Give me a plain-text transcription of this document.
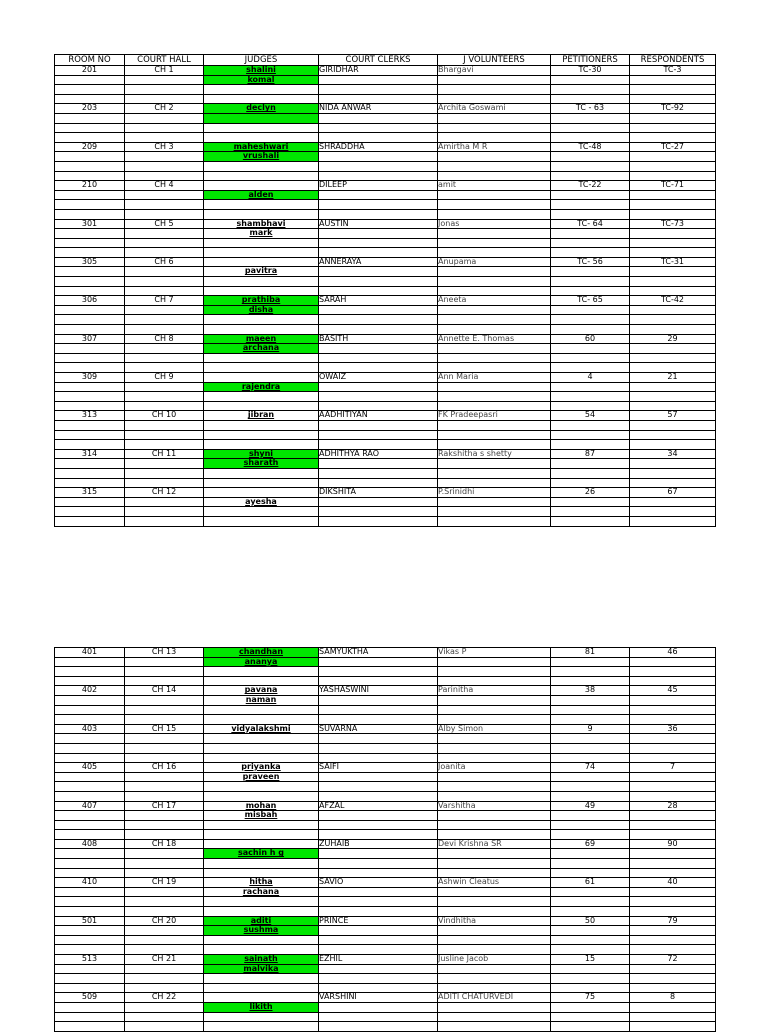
ROOM NO	COURT HALL	JUDGES	COURT CLERKS	J VOLUNTEERS	PETITIONERS	RESPONDENTS
201	CH 1	shalini	GIRIDHAR	Bhargavi	TC-30	TC-3
		komal				

203	CH 2	declyn	NIDA ANWAR	Archita Goswami	TC - 63	TC-92

209	CH 3	maheshwari	SHRADDHA	Amirtha M R	TC-48	TC-27
		vrushali				

210	CH 4		DILEEP	amit	TC-22	TC-71
		alden				

301	CH 5	shambhavi	AUSTIN	Jonas	TC- 64	TC-73
		mark				

305	CH 6		ANNERAYA	Anupama	TC- 56	TC-31
		pavitra				

306	CH 7	prathiba	SARAH	Aneeta	TC- 65	TC-42
		disha				

307	CH 8	maeen	BASITH	Annette E. Thomas	60	29
		archana				

309	CH 9		OWAIZ	Ann Maria	4	21
		rajendra				

313	CH 10	jibran	AADHITIYAN	FK Pradeepasri	54	57

314	CH 11	shyni	ADHITHYA RAO	Rakshitha s shetty	87	34
		sharath				

315	CH 12		DIKSHITA	P.Srinidhi	26	67
		ayesha				

401	CH 13	chandhan	SAMYUKTHA	Vikas P	81	46
		ananya				

402	CH 14	pavana	YASHASWINI	Parinitha	38	45
		naman				

403	CH 15	vidyalakshmi	SUVARNA	Alby Simon	9	36

405	CH 16	priyanka	SAIFI	Joanita	74	7
		praveen				

407	CH 17	mohan	AFZAL	Varshitha	49	28
		misbah				

408	CH 18		ZUHAIB	Devi Krishna SR	69	90
		sachin h g				

410	CH 19	hitha	SAVIO	Ashwin Cleatus	61	40
		rachana				

501	CH 20	aditi	PRINCE	Vindhitha	50	79
		sushma				

513	CH 21	sainath	EZHIL	Jusline Jacob	15	72
		malvika				

509	CH 22		VARSHINI	ADITI CHATURVEDI	75	8
		likith				
